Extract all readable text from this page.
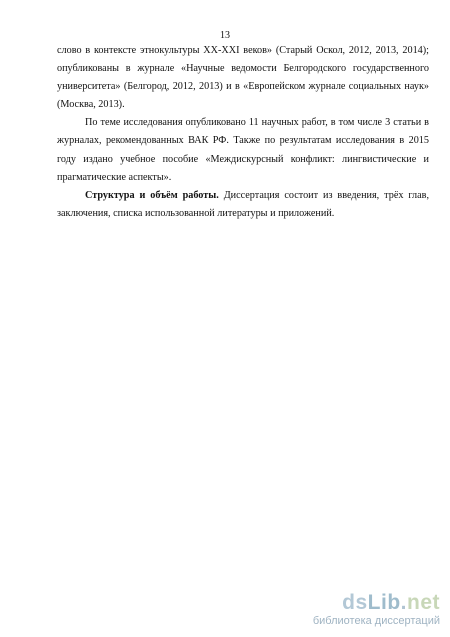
13

слово в контексте этнокультуры XX-XXI веков» (Старый Оскол, 2012, 2013, 2014); опубликованы в журнале «Научные ведомости Белгородского государственного университета» (Белгород, 2012, 2013) и в «Европейском журнале социальных наук» (Москва, 2013).

По теме исследования опубликовано 11 научных работ, в том числе 3 статьи в журналах, рекомендованных ВАК РФ. Также по результатам исследования в 2015 году издано учебное пособие «Междискурсный конфликт: лингвистические и прагматические аспекты».

Структура и объём работы. Диссертация состоит из введения, трёх глав, заключения, списка использованной литературы и приложений.

dsLib.net
библиотека диссертаций
